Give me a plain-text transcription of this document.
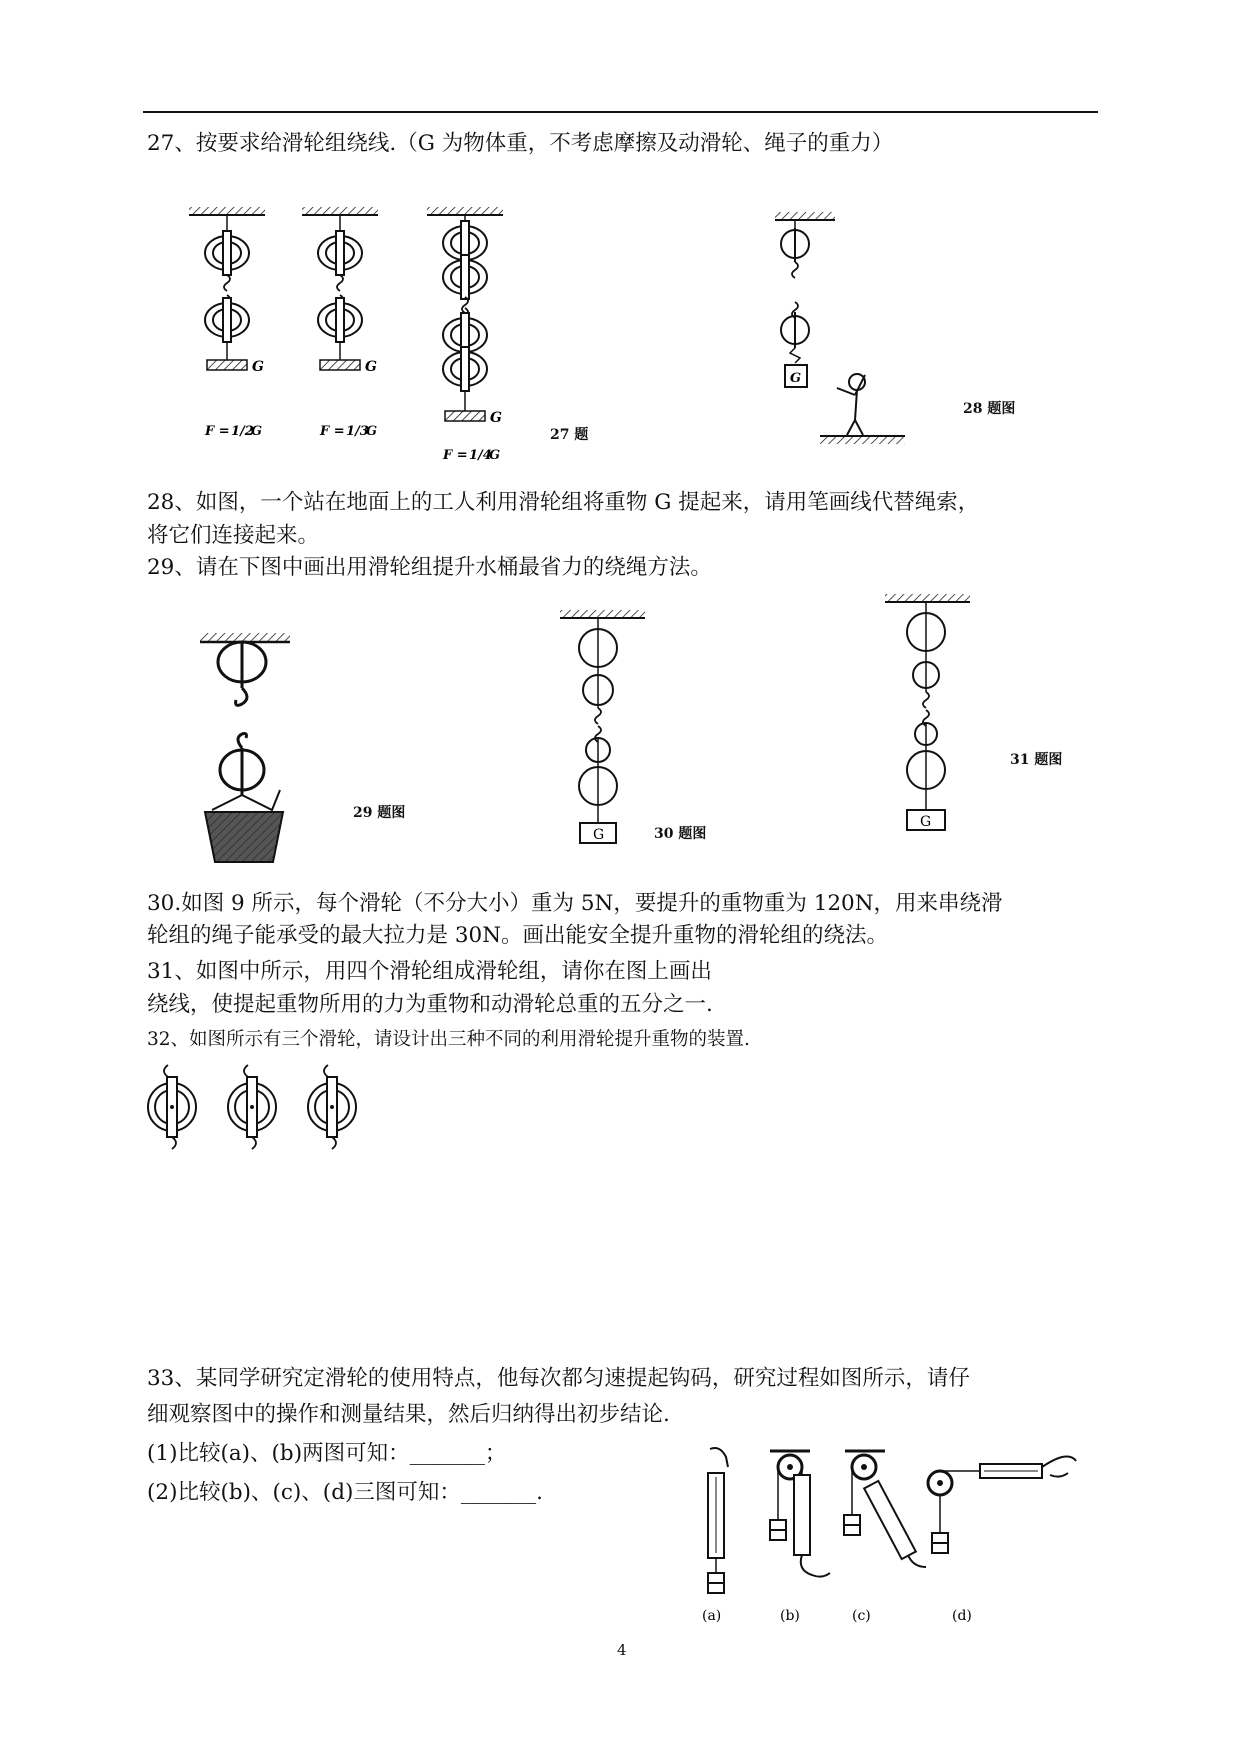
27、按要求给滑轮组绕线.（G 为物体重，不考虑摩擦及动滑轮、绳子的重力）

G	G
G
F = 1/2
G	F = 1/3
G
F = 1/4
G
27 题
G
28 题图

28、如图，一个站在地面上的工人利用滑轮组将重物 G 提起来，请用笔画线代替绳索，

将它们连接起来。

29、请在下图中画出用滑轮组提升水桶最省力的绕绳方法。

29 题图
G	30 题图
G
31 题图

30.如图 9 所示，每个滑轮（不分大小）重为 5N，要提升的重物重为 120N，用来串绕滑

轮组的绳子能承受的最大拉力是 30N。画出能安全提升重物的滑轮组的绕法。

31、如图中所示，用四个滑轮组成滑轮组，请你在图上画出

绕线，使提起重物所用的力为重物和动滑轮总重的五分之一.

32、如图所示有三个滑轮，请设计出三种不同的利用滑轮提升重物的装置.

33、某同学研究定滑轮的使用特点，他每次都匀速提起钩码，研究过程如图所示，请仔

细观察图中的操作和测量结果，然后归纳得出初步结论.

(1)比较(a)、(b)两图可知：_______；

(2)比较(b)、(c)、(d)三图可知：_______.

(a)	(b)	(c)	(d)
4
